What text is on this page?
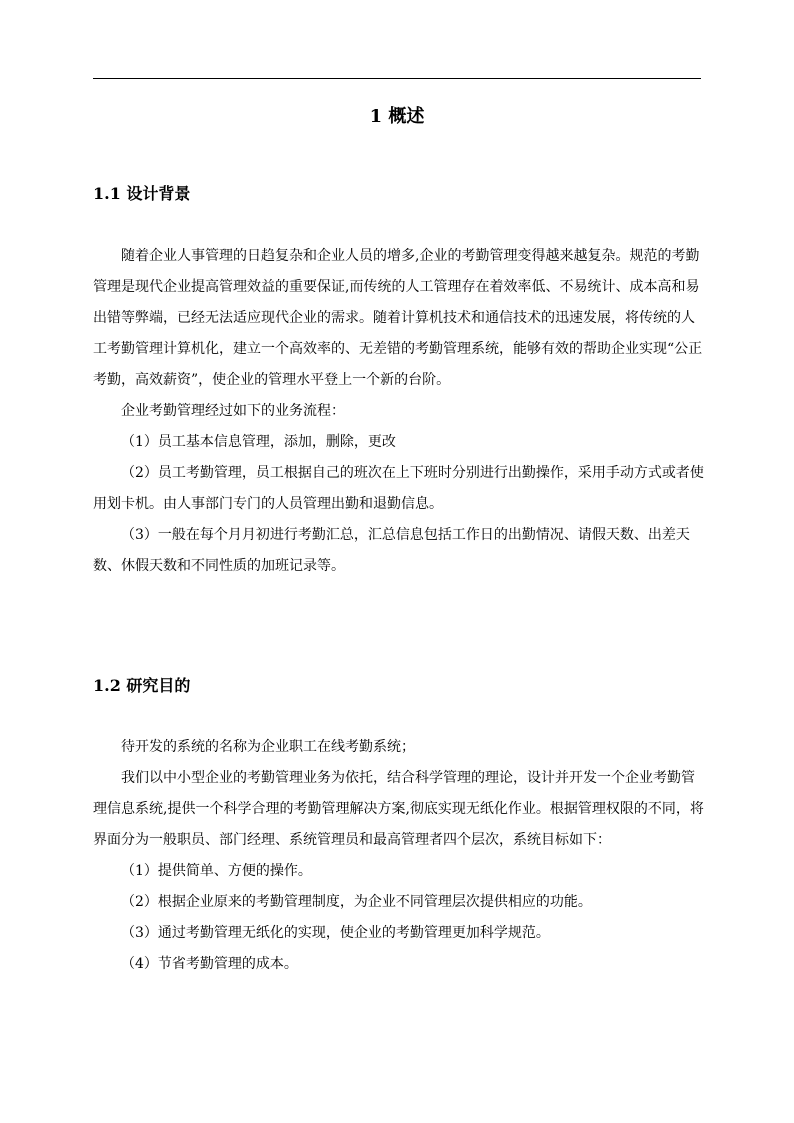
1 概述
1.1 设计背景

随着企业人事管理的日趋复杂和企业人员的增多,企业的考勤管理变得越来越复杂。规范的考勤管理是现代企业提高管理效益的重要保证,而传统的人工管理存在着效率低、不易统计、成本高和易出错等弊端，已经无法适应现代企业的需求。随着计算机技术和通信技术的迅速发展，将传统的人工考勤管理计算机化，建立一个高效率的、无差错的考勤管理系统，能够有效的帮助企业实现“公正考勤，高效薪资”，使企业的管理水平登上一个新的台阶。

企业考勤管理经过如下的业务流程：

（1）员工基本信息管理，添加，删除，更改

（2）员工考勤管理，员工根据自己的班次在上下班时分别进行出勤操作，采用手动方式或者使用划卡机。由人事部门专门的人员管理出勤和退勤信息。

（3）一般在每个月月初进行考勤汇总，汇总信息包括工作日的出勤情况、请假天数、出差天数、休假天数和不同性质的加班记录等。

1.2 研究目的

待开发的系统的名称为企业职工在线考勤系统；

我们以中小型企业的考勤管理业务为依托，结合科学管理的理论，设计并开发一个企业考勤管理信息系统,提供一个科学合理的考勤管理解决方案,彻底实现无纸化作业。根据管理权限的不同，将界面分为一般职员、部门经理、系统管理员和最高管理者四个层次，系统目标如下：

（1）提供简单、方便的操作。

（2）根据企业原来的考勤管理制度，为企业不同管理层次提供相应的功能。

（3）通过考勤管理无纸化的实现，使企业的考勤管理更加科学规范。

（4）节省考勤管理的成本。
